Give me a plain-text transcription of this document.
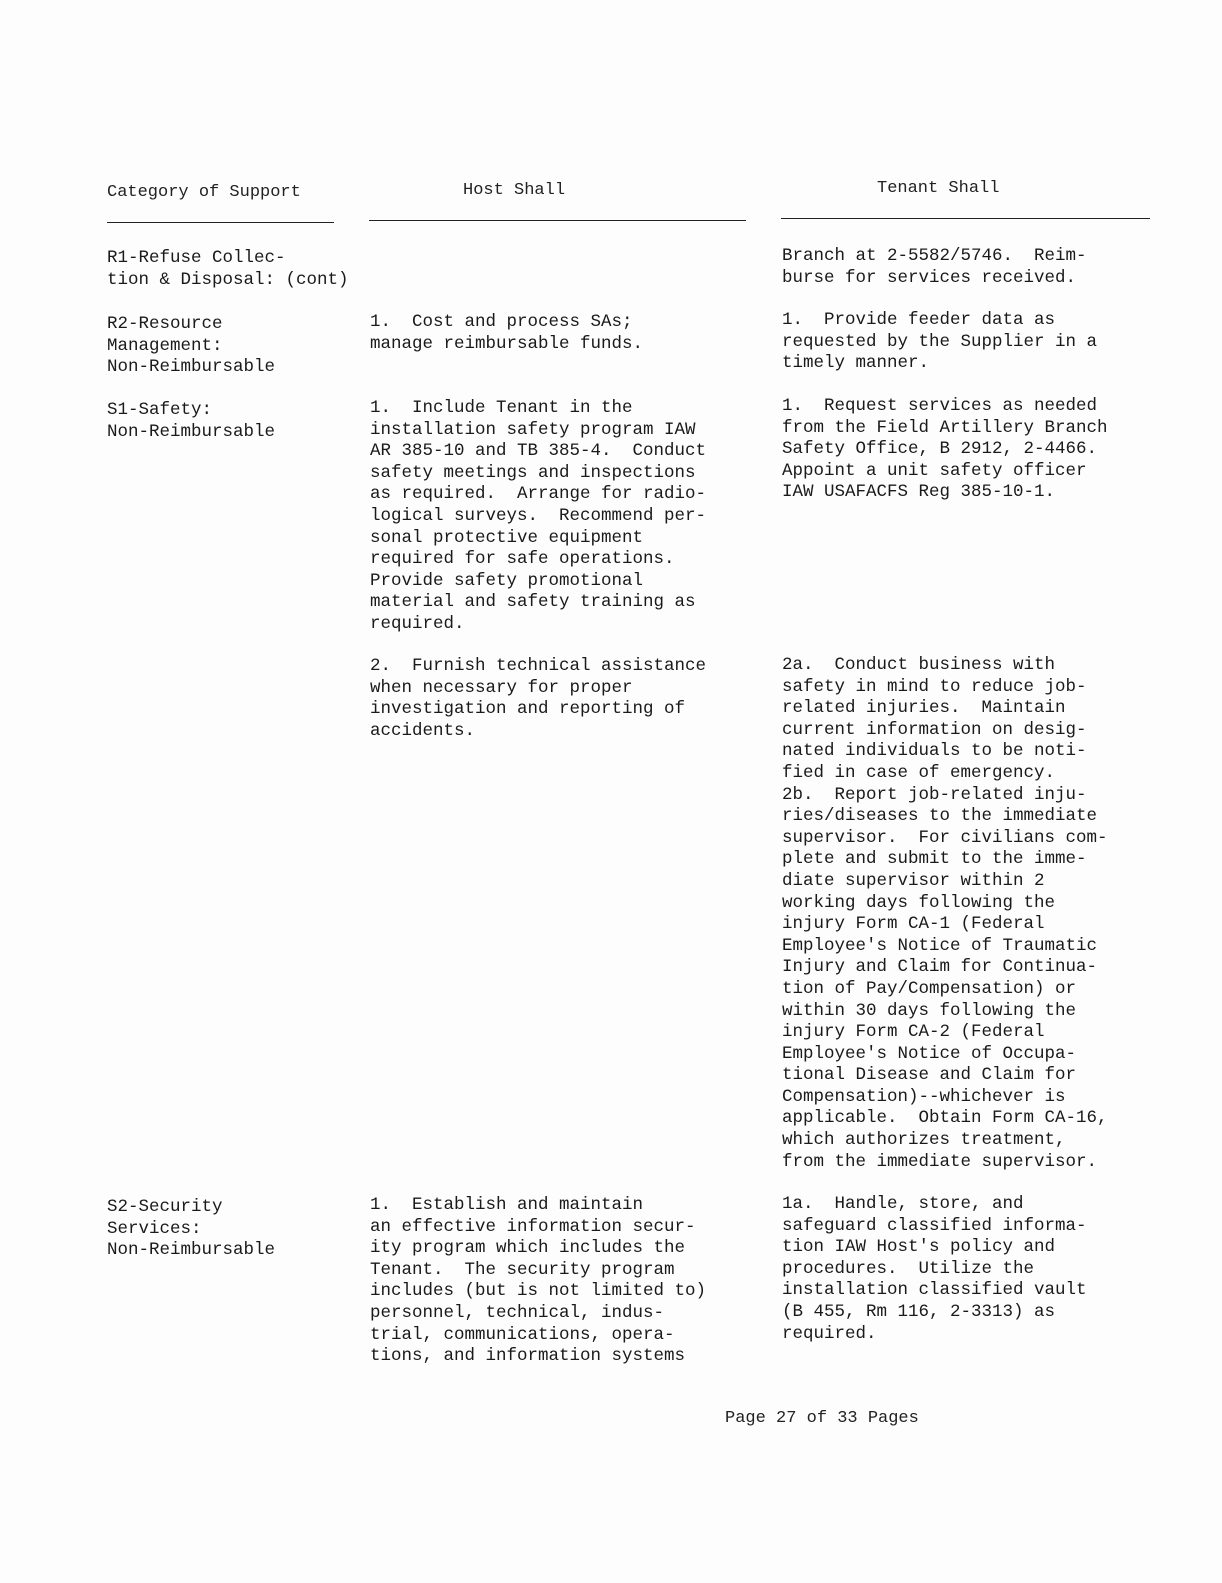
Category of Support	Host Shall	Tenant Shall
R1-Refuse Collec-
tion & Disposal: (cont)
Branch at 2-5582/5746.  Reim-
burse for services received.
R2-Resource
Management:
Non-Reimbursable
1.  Cost and process SAs;
manage reimbursable funds.
1.  Provide feeder data as
requested by the Supplier in a
timely manner.
S1-Safety:
Non-Reimbursable
1.  Include Tenant in the
installation safety program IAW
AR 385-10 and TB 385-4.  Conduct
safety meetings and inspections
as required.  Arrange for radio-
logical surveys.  Recommend per-
sonal protective equipment
required for safe operations.
Provide safety promotional
material and safety training as
required.
1.  Request services as needed
from the Field Artillery Branch
Safety Office, B 2912, 2-4466.
Appoint a unit safety officer
IAW USAFACFS Reg 385-10-1.
2.  Furnish technical assistance
when necessary for proper
investigation and reporting of
accidents.
2a.  Conduct business with
safety in mind to reduce job-
related injuries.  Maintain
current information on desig-
nated individuals to be noti-
fied in case of emergency.
2b.  Report job-related inju-
ries/diseases to the immediate
supervisor.  For civilians com-
plete and submit to the imme-
diate supervisor within 2
working days following the
injury Form CA-1 (Federal
Employee's Notice of Traumatic
Injury and Claim for Continua-
tion of Pay/Compensation) or
within 30 days following the
injury Form CA-2 (Federal
Employee's Notice of Occupa-
tional Disease and Claim for
Compensation)--whichever is
applicable.  Obtain Form CA-16,
which authorizes treatment,
from the immediate supervisor.
S2-Security
Services:
Non-Reimbursable
1.  Establish and maintain
an effective information secur-
ity program which includes the
Tenant.  The security program
includes (but is not limited to)
personnel, technical, indus-
trial, communications, opera-
tions, and information systems
1a.  Handle, store, and
safeguard classified informa-
tion IAW Host's policy and
procedures.  Utilize the
installation classified vault
(B 455, Rm 116, 2-3313) as
required.
Page 27 of 33 Pages
